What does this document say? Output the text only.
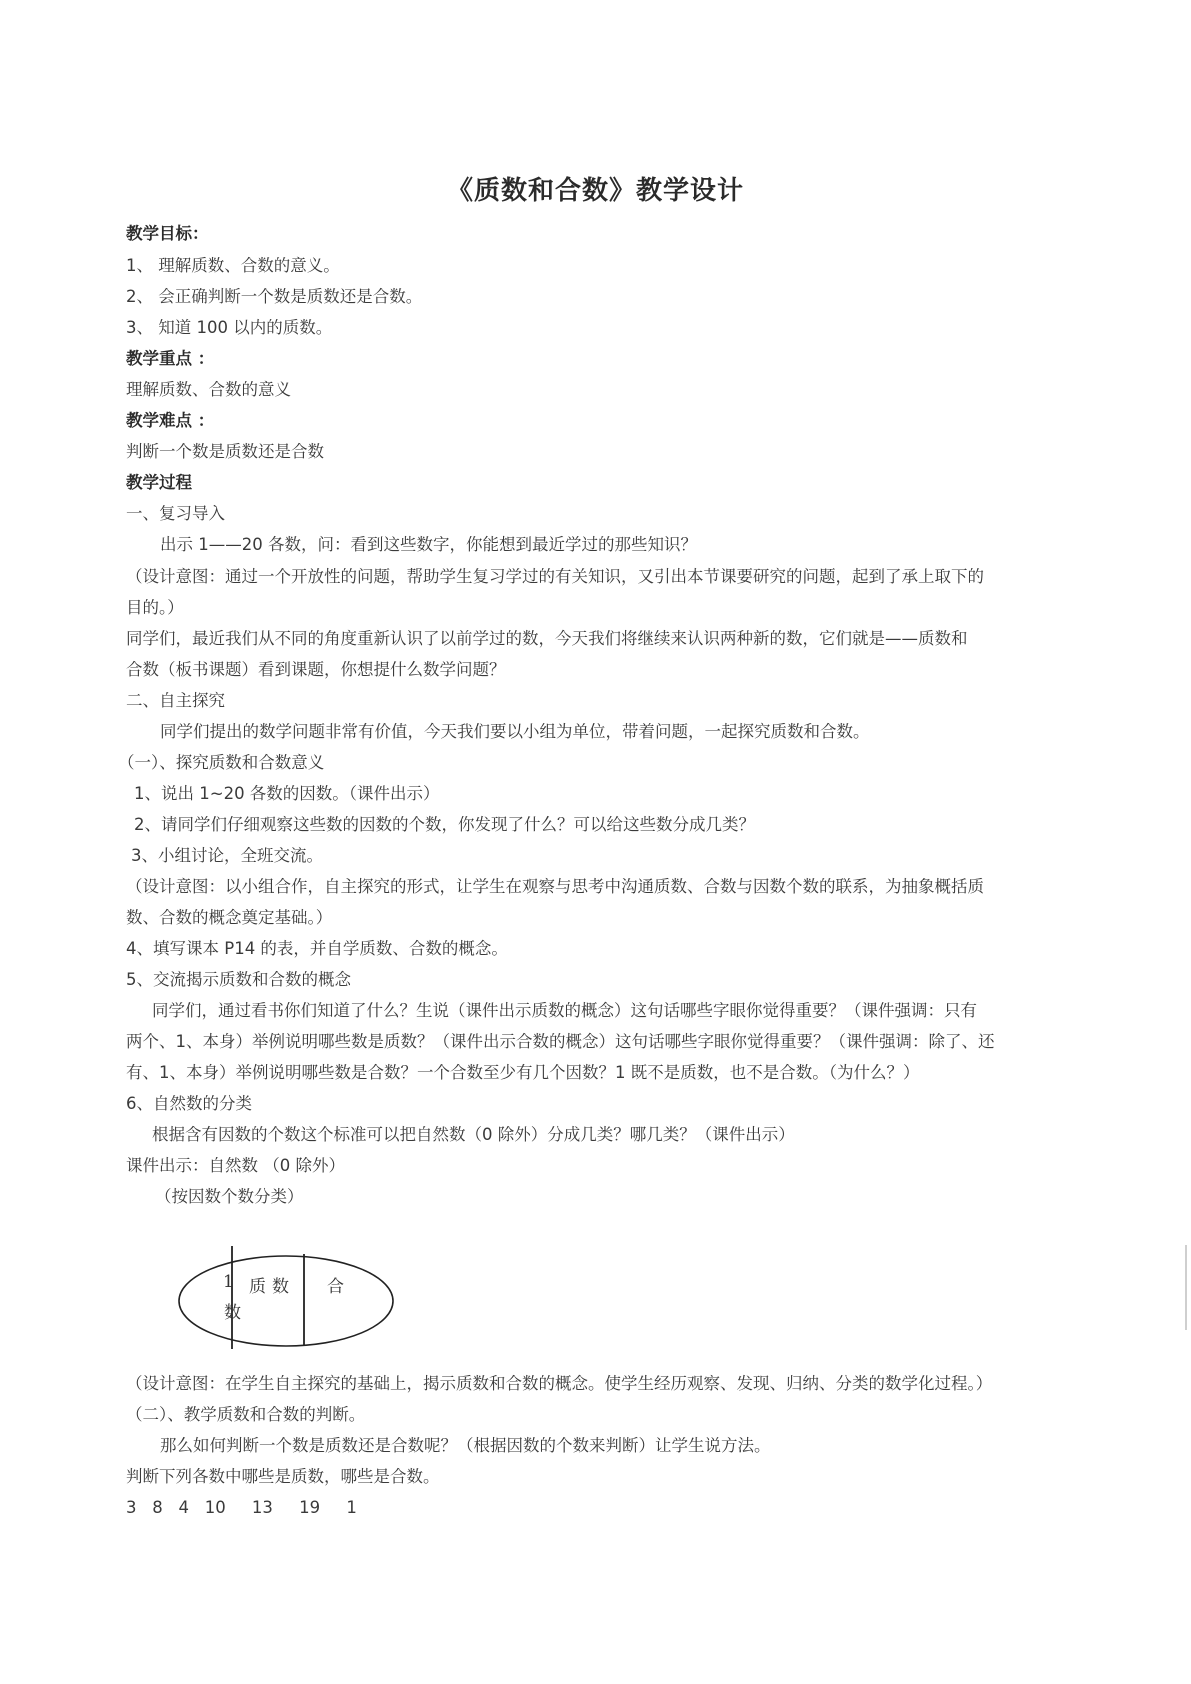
《质数和合数》教学设计
教学目标：
1、 理解质数、合数的意义。
2、 会正确判断一个数是质数还是合数。
3、 知道 100 以内的质数。
教学重点 ：
理解质数、合数的意义
教学难点 ：
判断一个数是质数还是合数
教学过程
一、复习导入
出示 1——20 各数，问：看到这些数字，你能想到最近学过的那些知识？
（设计意图：通过一个开放性的问题，帮助学生复习学过的有关知识，又引出本节课要研究的问题，起到了承上取下的
目的。）
同学们，最近我们从不同的角度重新认识了以前学过的数，今天我们将继续来认识两种新的数，它们就是——质数和
合数（板书课题）看到课题，你想提什么数学问题？
二、自主探究
同学们提出的数学问题非常有价值，今天我们要以小组为单位，带着问题，一起探究质数和合数。
（一）、探究质数和合数意义
1、说出 1~20 各数的因数。（课件出示）
2、请同学们仔细观察这些数的因数的个数，你发现了什么？可以给这些数分成几类？
3、小组讨论，全班交流。
（设计意图：以小组合作，自主探究的形式，让学生在观察与思考中沟通质数、合数与因数个数的联系，为抽象概括质
数、合数的概念奠定基础。）
4、填写课本 P14 的表，并自学质数、合数的概念。
5、交流揭示质数和合数的概念
同学们，通过看书你们知道了什么？生说（课件出示质数的概念）这句话哪些字眼你觉得重要？（课件强调：只有
两个、1、本身）举例说明哪些数是质数？（课件出示合数的概念）这句话哪些字眼你觉得重要？（课件强调：除了、还
有、1、本身）举例说明哪些数是合数？一个合数至少有几个因数？1 既不是质数，也不是合数。（为什么？）
6、自然数的分类
根据含有因数的个数这个标准可以把自然数（0 除外）分成几类？哪几类？（课件出示）
课件出示：自然数 （0 除外）
（按因数个数分类）
1 质数 合
数
（设计意图：在学生自主探究的基础上，揭示质数和合数的概念。使学生经历观察、发现、归纳、分类的数学化过程。）
（二）、教学质数和合数的判断。
那么如何判断一个数是质数还是合数呢？（根据因数的个数来判断）让学生说方法。
判断下列各数中哪些是质数，哪些是合数。
3   8   4   10     13     19     1
